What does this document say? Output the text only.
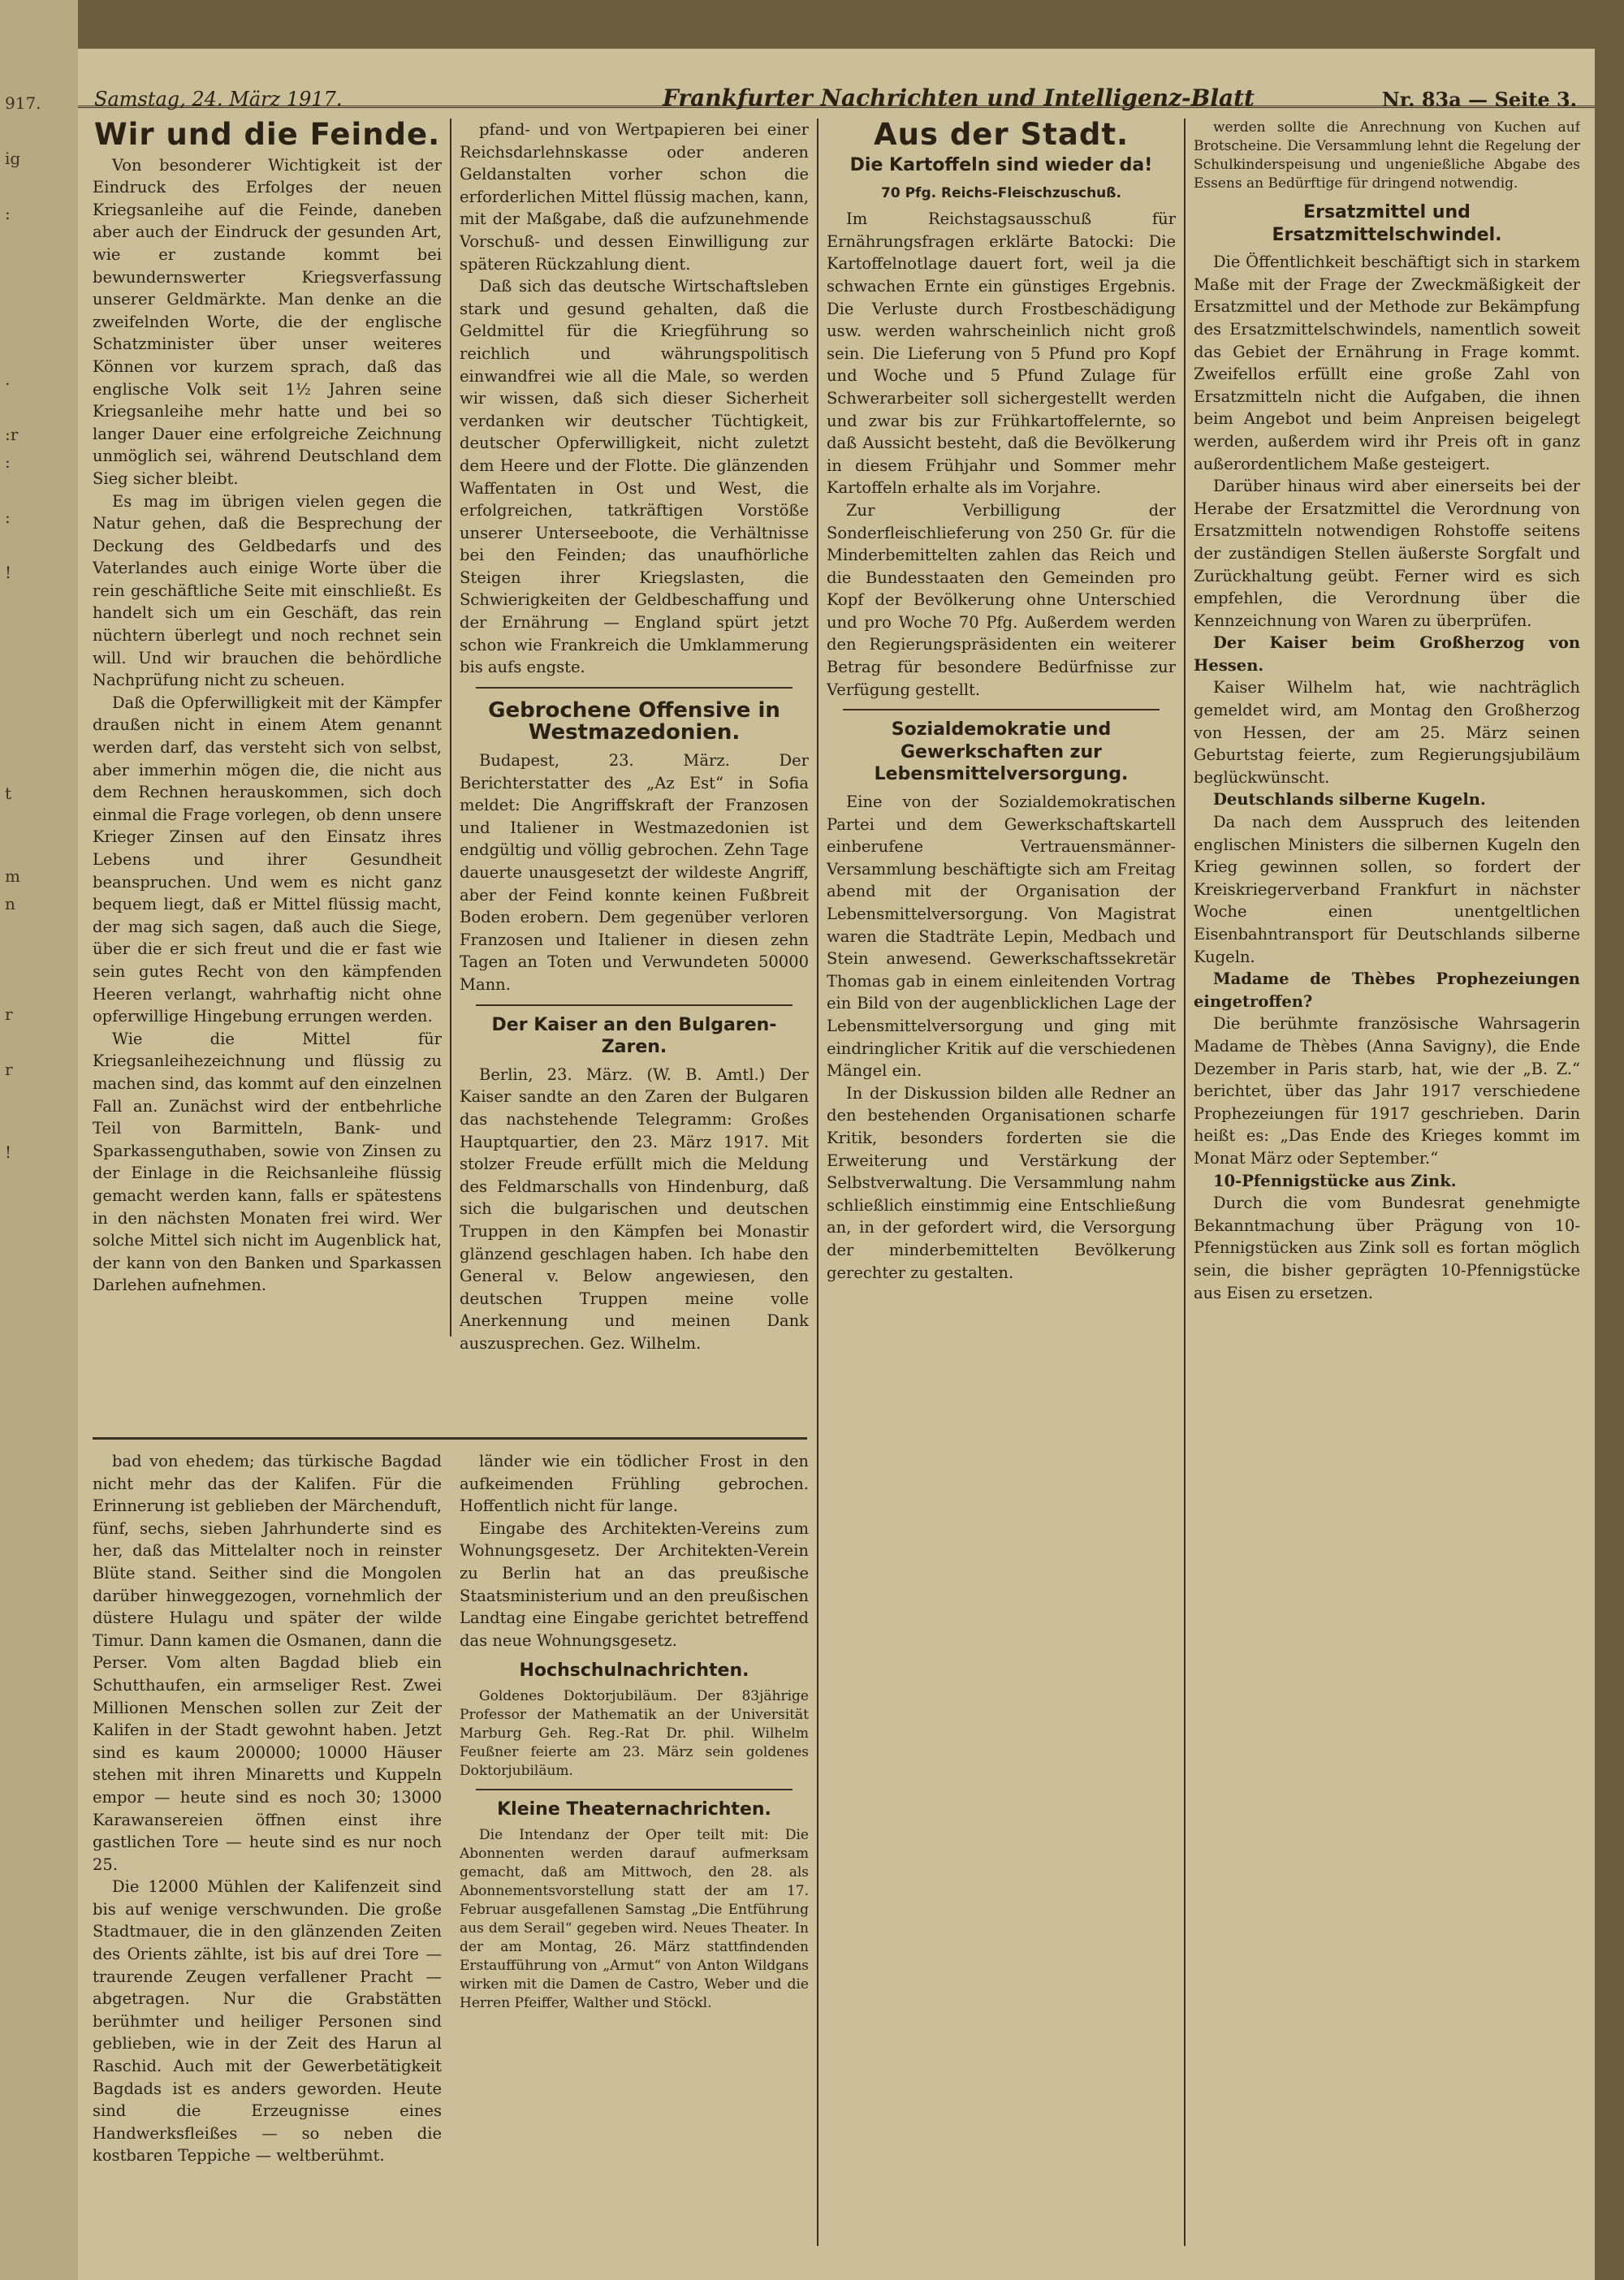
917.

ig

:

.

:r
:

:

!

t

m
n

r

r

!

Samstag, 24. März 1917.	Frankfurter Nachrichten und Intelligenz-Blatt	Nr. 83a — Seite 3.
Wir und die Feinde.

Von besonderer Wichtigkeit ist der Eindruck des Erfolges der neuen Kriegsanleihe auf die Feinde, daneben aber auch der Eindruck der gesunden Art, wie er zustande kommt bei bewundernswerter Kriegsverfassung unserer Geldmärkte. Man denke an die zweifelnden Worte, die der englische Schatzminister über unser weiteres Können vor kurzem sprach, daß das englische Volk seit 1½ Jahren seine Kriegsanleihe mehr hatte und bei so langer Dauer eine erfolgreiche Zeichnung unmöglich sei, während Deutschland dem Sieg sicher bleibt.

Es mag im übrigen vielen gegen die Natur gehen, daß die Besprechung der Deckung des Geldbedarfs und des Vaterlandes auch einige Worte über die rein geschäftliche Seite mit einschließt. Es handelt sich um ein Geschäft, das rein nüchtern überlegt und noch rechnet sein will. Und wir brauchen die behördliche Nachprüfung nicht zu scheuen.

Daß die Opferwilligkeit mit der Kämpfer draußen nicht in einem Atem genannt werden darf, das versteht sich von selbst, aber immerhin mögen die, die nicht aus dem Rechnen herauskommen, sich doch einmal die Frage vorlegen, ob denn unsere Krieger Zinsen auf den Einsatz ihres Lebens und ihrer Gesundheit beanspruchen. Und wem es nicht ganz bequem liegt, daß er Mittel flüssig macht, der mag sich sagen, daß auch die Siege, über die er sich freut und die er fast wie sein gutes Recht von den kämpfenden Heeren verlangt, wahrhaftig nicht ohne opferwillige Hingebung errungen werden.

Wie die Mittel für Kriegsanleihezeichnung und flüssig zu machen sind, das kommt auf den einzelnen Fall an. Zunächst wird der entbehrliche Teil von Barmitteln, Bank- und Sparkassenguthaben, sowie von Zinsen zu der Einlage in die Reichsanleihe flüssig gemacht werden kann, falls er spätestens in den nächsten Monaten frei wird. Wer solche Mittel sich nicht im Augenblick hat, der kann von den Banken und Sparkassen Darlehen aufnehmen.

pfand- und von Wertpapieren bei einer Reichsdarlehnskasse oder anderen Geldanstalten vorher schon die erforderlichen Mittel flüssig machen, kann, mit der Maßgabe, daß die aufzunehmende Vorschuß- und dessen Einwilligung zur späteren Rückzahlung dient.

Daß sich das deutsche Wirtschaftsleben stark und gesund gehalten, daß die Geldmittel für die Kriegführung so reichlich und währungspolitisch einwandfrei wie all die Male, so werden wir wissen, daß sich dieser Sicherheit verdanken wir deutscher Tüchtigkeit, deutscher Opferwilligkeit, nicht zuletzt dem Heere und der Flotte. Die glänzenden Waffentaten in Ost und West, die erfolgreichen, tatkräftigen Vorstöße unserer Unterseeboote, die Verhältnisse bei den Feinden; das unaufhörliche Steigen ihrer Kriegslasten, die Schwierigkeiten der Geldbeschaffung und der Ernährung — England spürt jetzt schon wie Frankreich die Umklammerung bis aufs engste.

Gebrochene Offensive in Westmazedonien.

Budapest, 23. März. Der Berichterstatter des „Az Est“ in Sofia meldet: Die Angriffskraft der Franzosen und Italiener in Westmazedonien ist endgültig und völlig gebrochen. Zehn Tage dauerte unausgesetzt der wildeste Angriff, aber der Feind konnte keinen Fußbreit Boden erobern. Dem gegenüber verloren Franzosen und Italiener in diesen zehn Tagen an Toten und Verwundeten 50000 Mann.

Der Kaiser an den Bulgaren-Zaren.

Berlin, 23. März. (W. B. Amtl.) Der Kaiser sandte an den Zaren der Bulgaren das nachstehende Telegramm: Großes Hauptquartier, den 23. März 1917. Mit stolzer Freude erfüllt mich die Meldung des Feldmarschalls von Hindenburg, daß sich die bulgarischen und deutschen Truppen in den Kämpfen bei Monastir glänzend geschlagen haben. Ich habe den General v. Below angewiesen, den deutschen Truppen meine volle Anerkennung und meinen Dank auszusprechen. Gez. Wilhelm.

Aus der Stadt.
Die Kartoffeln sind wieder da!
70 Pfg. Reichs-Fleischzuschuß.

Im Reichstagsausschuß für Ernährungsfragen erklärte Batocki: Die Kartoffelnotlage dauert fort, weil ja die schwachen Ernte ein günstiges Ergebnis. Die Verluste durch Frostbeschädigung usw. werden wahrscheinlich nicht groß sein. Die Lieferung von 5 Pfund pro Kopf und Woche und 5 Pfund Zulage für Schwerarbeiter soll sichergestellt werden und zwar bis zur Frühkartoffelernte, so daß Aussicht besteht, daß die Bevölkerung in diesem Frühjahr und Sommer mehr Kartoffeln erhalte als im Vorjahre.

Zur Verbilligung der Sonderfleischlieferung von 250 Gr. für die Minderbemittelten zahlen das Reich und die Bundesstaaten den Gemeinden pro Kopf der Bevölkerung ohne Unterschied und pro Woche 70 Pfg. Außerdem werden den Regierungspräsidenten ein weiterer Betrag für besondere Bedürfnisse zur Verfügung gestellt.

Sozialdemokratie und Gewerkschaften zur Lebensmittelversorgung.

Eine von der Sozialdemokratischen Partei und dem Gewerkschaftskartell einberufene Vertrauensmänner-Versammlung beschäftigte sich am Freitag abend mit der Organisation der Lebensmittelversorgung. Von Magistrat waren die Stadträte Lepin, Medbach und Stein anwesend. Gewerkschaftssekretär Thomas gab in einem einleitenden Vortrag ein Bild von der augenblicklichen Lage der Lebensmittelversorgung und ging mit eindringlicher Kritik auf die verschiedenen Mängel ein.

In der Diskussion bilden alle Redner an den bestehenden Organisationen scharfe Kritik, besonders forderten sie die Erweiterung und Verstärkung der Selbstverwaltung. Die Versammlung nahm schließlich einstimmig eine Entschließung an, in der gefordert wird, die Versorgung der minderbemittelten Bevölkerung gerechter zu gestalten.

werden sollte die Anrechnung von Kuchen auf Brotscheine. Die Versammlung lehnt die Regelung der Schulkinderspeisung und ungenießliche Abgabe des Essens an Bedürftige für dringend notwendig.

Ersatzmittel und Ersatzmittelschwindel.

Die Öffentlichkeit beschäftigt sich in starkem Maße mit der Frage der Zweckmäßigkeit der Ersatzmittel und der Methode zur Bekämpfung des Ersatzmittelschwindels, namentlich soweit das Gebiet der Ernährung in Frage kommt. Zweifellos erfüllt eine große Zahl von Ersatzmitteln nicht die Aufgaben, die ihnen beim Angebot und beim Anpreisen beigelegt werden, außerdem wird ihr Preis oft in ganz außerordentlichem Maße gesteigert.

Darüber hinaus wird aber einerseits bei der Herabe der Ersatzmittel die Verordnung von Ersatzmitteln notwendigen Rohstoffe seitens der zuständigen Stellen äußerste Sorgfalt und Zurückhaltung geübt. Ferner wird es sich empfehlen, die Verordnung über die Kennzeichnung von Waren zu überprüfen.

Der Kaiser beim Großherzog von Hessen.

Kaiser Wilhelm hat, wie nachträglich gemeldet wird, am Montag den Großherzog von Hessen, der am 25. März seinen Geburtstag feierte, zum Regierungsjubiläum beglückwünscht.

Deutschlands silberne Kugeln.

Da nach dem Ausspruch des leitenden englischen Ministers die silbernen Kugeln den Krieg gewinnen sollen, so fordert der Kreiskriegerverband Frankfurt in nächster Woche einen unentgeltlichen Eisenbahntransport für Deutschlands silberne Kugeln.

Madame de Thèbes Prophezeiungen eingetroffen?

Die berühmte französische Wahrsagerin Madame de Thèbes (Anna Savigny), die Ende Dezember in Paris starb, hat, wie der „B. Z.“ berichtet, über das Jahr 1917 verschiedene Prophezeiungen für 1917 geschrieben. Darin heißt es: „Das Ende des Krieges kommt im Monat März oder September.“

10-Pfennigstücke aus Zink.

Durch die vom Bundesrat genehmigte Bekanntmachung über Prägung von 10-Pfennigstücken aus Zink soll es fortan möglich sein, die bisher geprägten 10-Pfennigstücke aus Eisen zu ersetzen.

bad von ehedem; das türkische Bagdad nicht mehr das der Kalifen. Für die Erinnerung ist geblieben der Märchenduft, fünf, sechs, sieben Jahrhunderte sind es her, daß das Mittelalter noch in reinster Blüte stand. Seither sind die Mongolen darüber hinweggezogen, vornehmlich der düstere Hulagu und später der wilde Timur. Dann kamen die Osmanen, dann die Perser. Vom alten Bagdad blieb ein Schutthaufen, ein armseliger Rest. Zwei Millionen Menschen sollen zur Zeit der Kalifen in der Stadt gewohnt haben. Jetzt sind es kaum 200000; 10000 Häuser stehen mit ihren Minaretts und Kuppeln empor — heute sind es noch 30; 13000 Karawansereien öffnen einst ihre gastlichen Tore — heute sind es nur noch 25.

Die 12000 Mühlen der Kalifenzeit sind bis auf wenige verschwunden. Die große Stadtmauer, die in den glänzenden Zeiten des Orients zählte, ist bis auf drei Tore — traurende Zeugen verfallener Pracht — abgetragen. Nur die Grabstätten berühmter und heiliger Personen sind geblieben, wie in der Zeit des Harun al Raschid. Auch mit der Gewerbetätigkeit Bagdads ist es anders geworden. Heute sind die Erzeugnisse eines Handwerksfleißes — so neben die kostbaren Teppiche — weltberühmt.

länder wie ein tödlicher Frost in den aufkeimenden Frühling gebrochen. Hoffentlich nicht für lange.

Eingabe des Architekten-Vereins zum Wohnungsgesetz. Der Architekten-Verein zu Berlin hat an das preußische Staatsministerium und an den preußischen Landtag eine Eingabe gerichtet betreffend das neue Wohnungsgesetz.

Hochschulnachrichten.

Goldenes Doktorjubiläum. Der 83jährige Professor der Mathematik an der Universität Marburg Geh. Reg.-Rat Dr. phil. Wilhelm Feußner feierte am 23. März sein goldenes Doktorjubiläum.

Kleine Theaternachrichten.

Die Intendanz der Oper teilt mit: Die Abonnenten werden darauf aufmerksam gemacht, daß am Mittwoch, den 28. als Abonnementsvorstellung statt der am 17. Februar ausgefallenen Samstag „Die Entführung aus dem Serail“ gegeben wird. Neues Theater. In der am Montag, 26. März stattfindenden Erstaufführung von „Armut“ von Anton Wildgans wirken mit die Damen de Castro, Weber und die Herren Pfeiffer, Walther und Stöckl.
